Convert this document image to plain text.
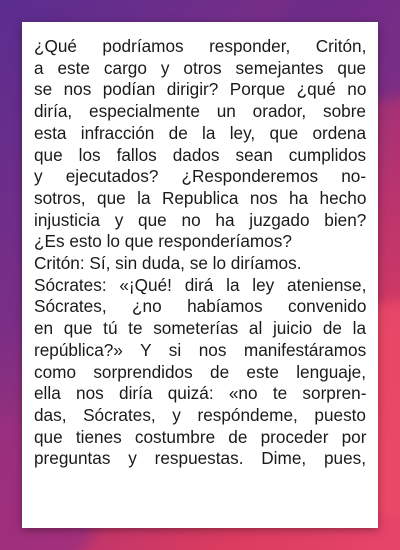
¿Qué podríamos responder, Critón,
a este cargo y otros semejantes que
se nos podían dirigir? Porque ¿qué no
diría, especialmente un orador, sobre
esta infracción de la ley, que ordena
que los fallos dados sean cumplidos
y ejecutados? ¿Responderemos no-
sotros, que la Republica nos ha hecho
injusticia y que no ha juzgado bien?
¿Es esto lo que responderíamos?
Critón: Sí, sin duda, se lo diríamos.
Sócrates: «¡Qué! dirá la ley ateniense,
Sócrates, ¿no habíamos convenido
en que tú te someterías al juicio de la
república?» Y si nos manifestáramos
como sorprendidos de este lenguaje,
ella nos diría quizá: «no te sorpren-
das, Sócrates, y respóndeme, puesto
que tienes costumbre de proceder por
preguntas y respuestas. Dime, pues,
